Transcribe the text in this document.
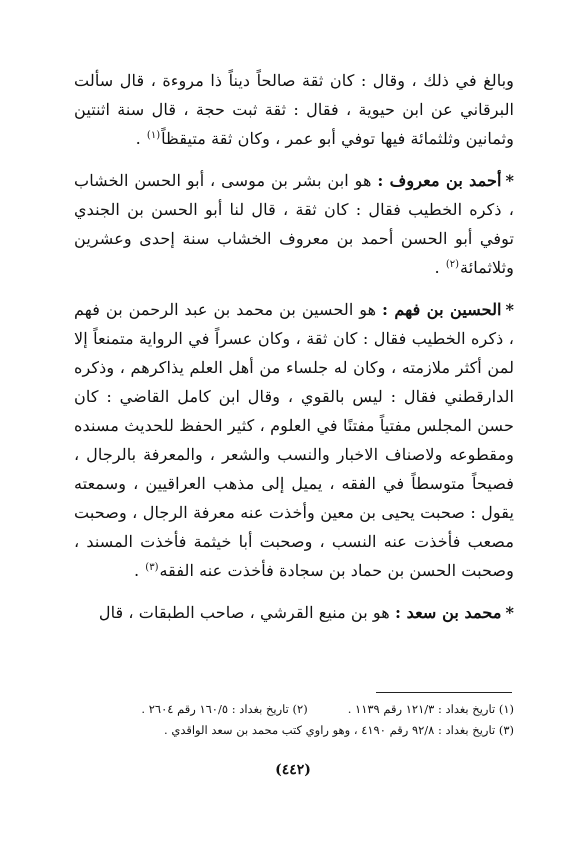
وبالغ في ذلك ، وقال : كان ثقة صالحاً ديناً ذا مروءة ، قال سألت البرقاني عن ابن حيوية ، فقال : ثقة ثبت حجة ، قال سنة اثنتين وثمانين وثلثمائة فيها توفي أبو عمر ، وكان ثقة متيقظاً$^{(١)}$ .

*أحمد بن معروف : هو ابن بشر بن موسى ، أبو الحسن الخشاب ، ذكره الخطيب فقال : كان ثقة ، قال لنا أبو الحسن بن الجندي توفي أبو الحسن أحمد بن معروف الخشاب سنة إحدى وعشرين وثلاثمائة$^{(٢)}$ .

*الحسين بن فهم : هو الحسين بن محمد بن عبد الرحمن بن فهم ، ذكره الخطيب فقال : كان ثقة ، وكان عسراً في الرواية متمنعاً إلا لمن أكثر ملازمته ، وكان له جلساء من أهل العلم يذاكرهم ، وذكره الدارقطني فقال : ليس بالقوي ، وقال ابن كامل القاضي : كان حسن المجلس مفتياً مفتنًا في العلوم ، كثير الحفظ للحديث مسنده ومقطوعه ولاصناف الاخبار والنسب والشعر ، والمعرفة بالرجال ، فصيحاً متوسطاً في الفقه ، يميل إلى مذهب العراقيين ، وسمعته يقول : صحبت يحيى بن معين وأخذت عنه معرفة الرجال ، وصحبت مصعب فأخذت عنه النسب ، وصحبت أبا خيثمة فأخذت المسند ، وصحبت الحسن بن حماد بن سجادة فأخذت عنه الفقه$^{(٣)}$ .

*محمد بن سعد : هو بن منيع القرشي ، صاحب الطبقات ، قال

(١) تاريخ بغداد : ١٢١/٣ رقم ١١٣٩ .(٢) تاريخ بغداد : ١٦٠/٥ رقم ٢٦٠٤ .

(٣) تاريخ بغداد : ٩٢/٨ رقم ٤١٩٠ ، وهو راوي كتب محمد بن سعد الواقدي .

(٤٤٢)
